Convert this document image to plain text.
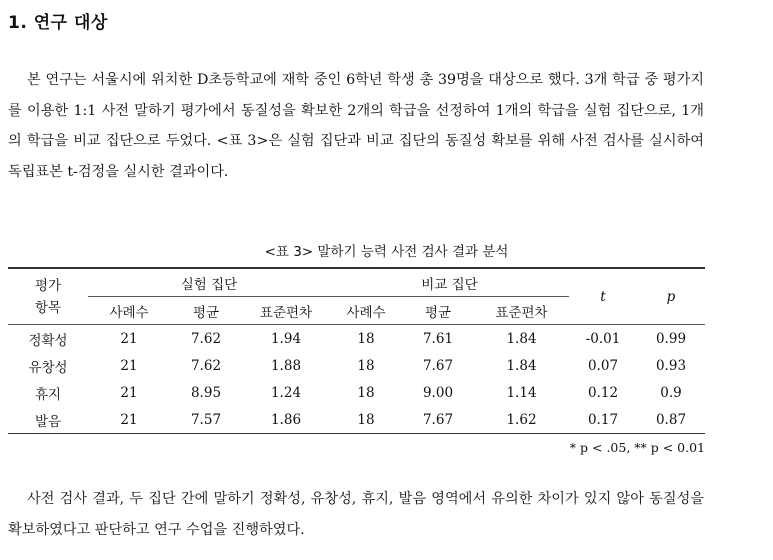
1. 연구 대상

본 연구는 서울시에 위치한 D초등학교에 재학 중인 6학년 학생 총 39명을 대상으로 했다. 3개 학급 중 평가지를 이용한 1:1 사전 말하기 평가에서 동질성을 확보한 2개의 학급을 선정하여 1개의 학급을 실험 집단으로, 1개의 학급을 비교 집단으로 두었다. <표 3>은 실험 집단과 비교 집단의 동질성 확보를 위해 사전 검사를 실시하여 독립표본 t-검정을 실시한 결과이다.

<표 3> 말하기 능력 사전 검사 결과 분석
평가
항목	실험 집단			비교 집단			t	p
	사례수	평균	표준편차	사례수	평균	표준편차		
정확성	21	7.62	1.94	18	7.61	1.84	-0.01	0.99
유창성	21	7.62	1.88	18	7.67	1.84	0.07	0.93
휴지	21	8.95	1.24	18	9.00	1.14	0.12	0.9
발음	21	7.57	1.86	18	7.67	1.62	0.17	0.87
* p < .05, ** p < 0.01

사전 검사 결과, 두 집단 간에 말하기 정확성, 유창성, 휴지, 발음 영역에서 유의한 차이가 있지 않아 동질성을 확보하였다고 판단하고 연구 수업을 진행하였다.
